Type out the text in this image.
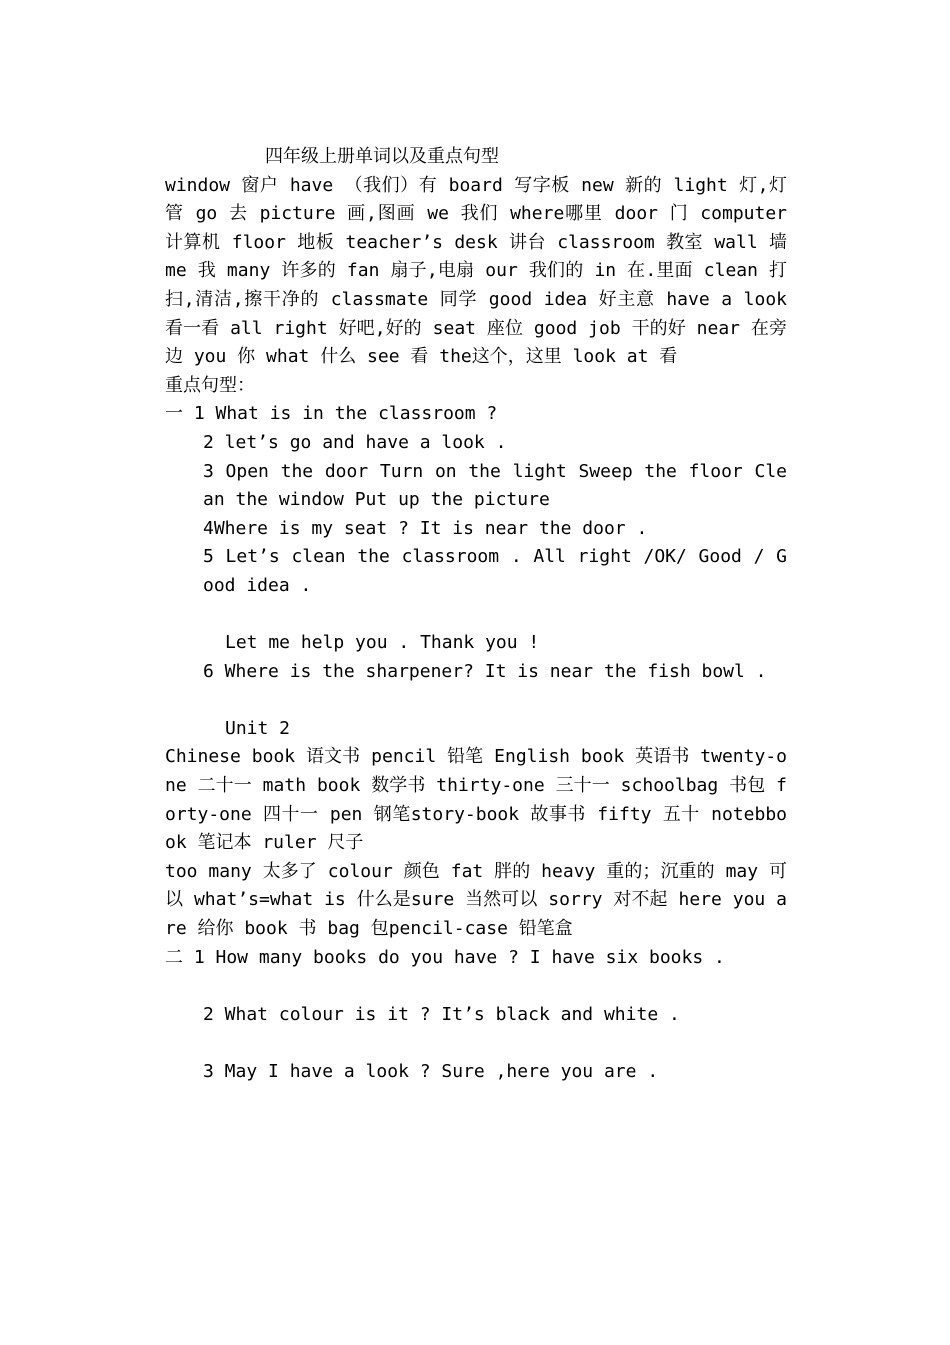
四年级上册单词以及重点句型

window 窗户 have （我们）有 board 写字板 new 新的 light 灯,灯管 go 去 picture 画,图画 we 我们 where哪里 door 门 computer 计算机 floor 地板 teacher’s desk 讲台 classroom 教室 wall 墙 me 我 many 许多的 fan 扇子,电扇 our 我们的 in 在.里面 clean 打扫,清洁,擦干净的 classmate 同学 good idea 好主意 have a look 看一看 all right 好吧,好的 seat 座位 good job 干的好 near 在旁边 you 你 what 什么 see 看 the这个，这里 look at 看

重点句型：

一 1 What is in the classroom ?

2 let’s go and have a look .

3 Open the door Turn on the light Sweep the floor Clean the window Put up the picture

4Where is my seat ? It is near the door .

5 Let’s clean the classroom . All right /OK/ Good / Good idea .

Let me help you . Thank you !

6 Where is the sharpener? It is near the fish bowl .

Unit 2

Chinese book 语文书 pencil 铅笔 English book 英语书 twenty-one 二十一 math book 数学书 thirty-one 三十一 schoolbag 书包 forty-one 四十一 pen 钢笔story-book 故事书 fifty 五十 notebbook 笔记本 ruler 尺子

too many 太多了 colour 颜色 fat 胖的 heavy 重的；沉重的 may 可以 what’s=what is 什么是sure 当然可以 sorry 对不起 here you are 给你 book 书 bag 包pencil-case 铅笔盒

二 1 How many books do you have ? I have six books .

2 What colour is it ? It’s black and white .

3 May I have a look ? Sure ,here you are .
